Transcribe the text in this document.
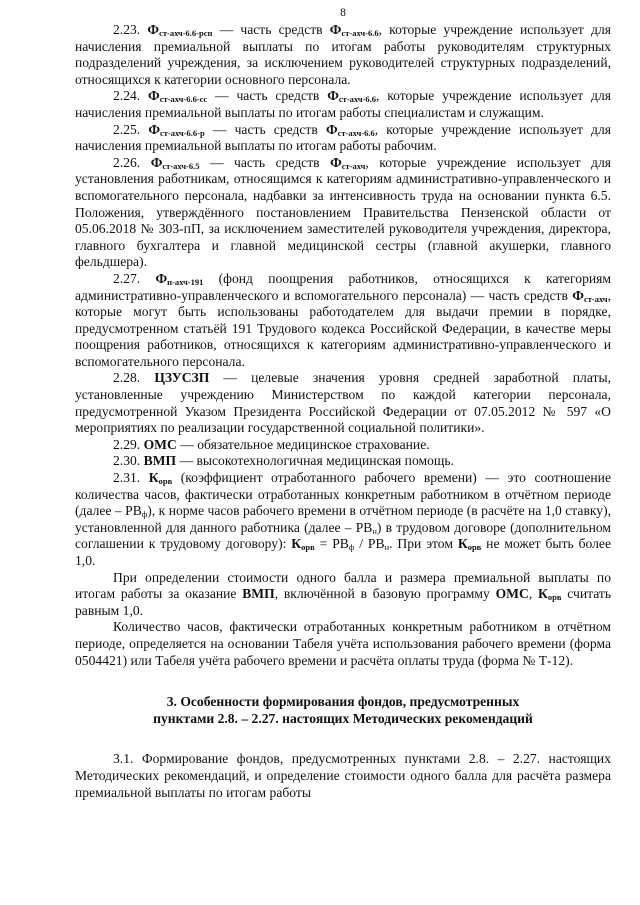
8

2.23. $Ф_{ст-ахч-6.6-рсп}$ — часть средств $Ф_{ст-ахч-6.6}$, которые учреждение использует для начисления премиальной выплаты по итогам работы руководителям структурных подразделений учреждения, за исключением руководителей структурных подразделений, относящихся к категории основного персонала.

2.24. $Ф_{ст-ахч-6.6-сс}$ — часть средств $Ф_{ст-ахч-6.6}$, которые учреждение использует для начисления премиальной выплаты по итогам работы специалистам и служащим.

2.25. $Ф_{ст-ахч-6.6-р}$ — часть средств $Ф_{ст-ахч-6.6}$, которые учреждение использует для начисления премиальной выплаты по итогам работы рабочим.

2.26. $Ф_{ст-ахч-6.5}$ — часть средств $Ф_{ст-ахч}$, которые учреждение использует для установления работникам, относящимся к категориям административно-управленческого и вспомогательного персонала, надбавки за интенсивность труда на основании пункта 6.5. Положения, утверждённого постановлением Правительства Пензенской области от 05.06.2018 № 303-пП, за исключением заместителей руководителя учреждения, директора, главного бухгалтера и главной медицинской сестры (главной акушерки, главного фельдшера).

2.27. $Ф_{п-ахч-191}$ (фонд поощрения работников, относящихся к категориям административно-управленческого и вспомогательного персонала) — часть средств $Ф_{ст-ахч}$, которые могут быть использованы работодателем для выдачи премии в порядке, предусмотренном статьёй 191 Трудового кодекса Российской Федерации, в качестве меры поощрения работников, относящихся к категориям административно-управленческого и вспомогательного персонала.

2.28. ЦЗУСЗП — целевые значения уровня средней заработной платы, установленные учреждению Министерством по каждой категории персонала, предусмотренной Указом Президента Российской Федерации от 07.05.2012 № 597 «О мероприятиях по реализации государственной социальной политики».

2.29. ОМС — обязательное медицинское страхование.

2.30. ВМП — высокотехнологичная медицинская помощь.

2.31. $К_{орв}$ (коэффициент отработанного рабочего времени) — это соотношение количества часов, фактически отработанных конкретным работником в отчётном периоде (далее – $РВ_ф$), к норме часов рабочего времени в отчётном периоде (в расчёте на 1,0 ставку), установленной для данного работника (далее – $РВ_н$) в трудовом договоре (дополнительном соглашении к трудовому договору): $К_{орв} = РВ_ф / РВ_н$. При этом $К_{орв}$ не может быть более 1,0.

При определении стоимости одного балла и размера премиальной выплаты по итогам работы за оказание ВМП, включённой в базовую программу ОМС, $К_{орв}$ считать равным 1,0.

Количество часов, фактически отработанных конкретным работником в отчётном периоде, определяется на основании Табеля учёта использования рабочего времени (форма 0504421) или Табеля учёта рабочего времени и расчёта оплаты труда (форма № Т-12).

3. Особенности формирования фондов, предусмотренных
пунктами 2.8. – 2.27. настоящих Методических рекомендаций

3.1. Формирование фондов, предусмотренных пунктами 2.8. – 2.27. настоящих Методических рекомендаций, и определение стоимости одного балла для расчёта размера премиальной выплаты по итогам работы
